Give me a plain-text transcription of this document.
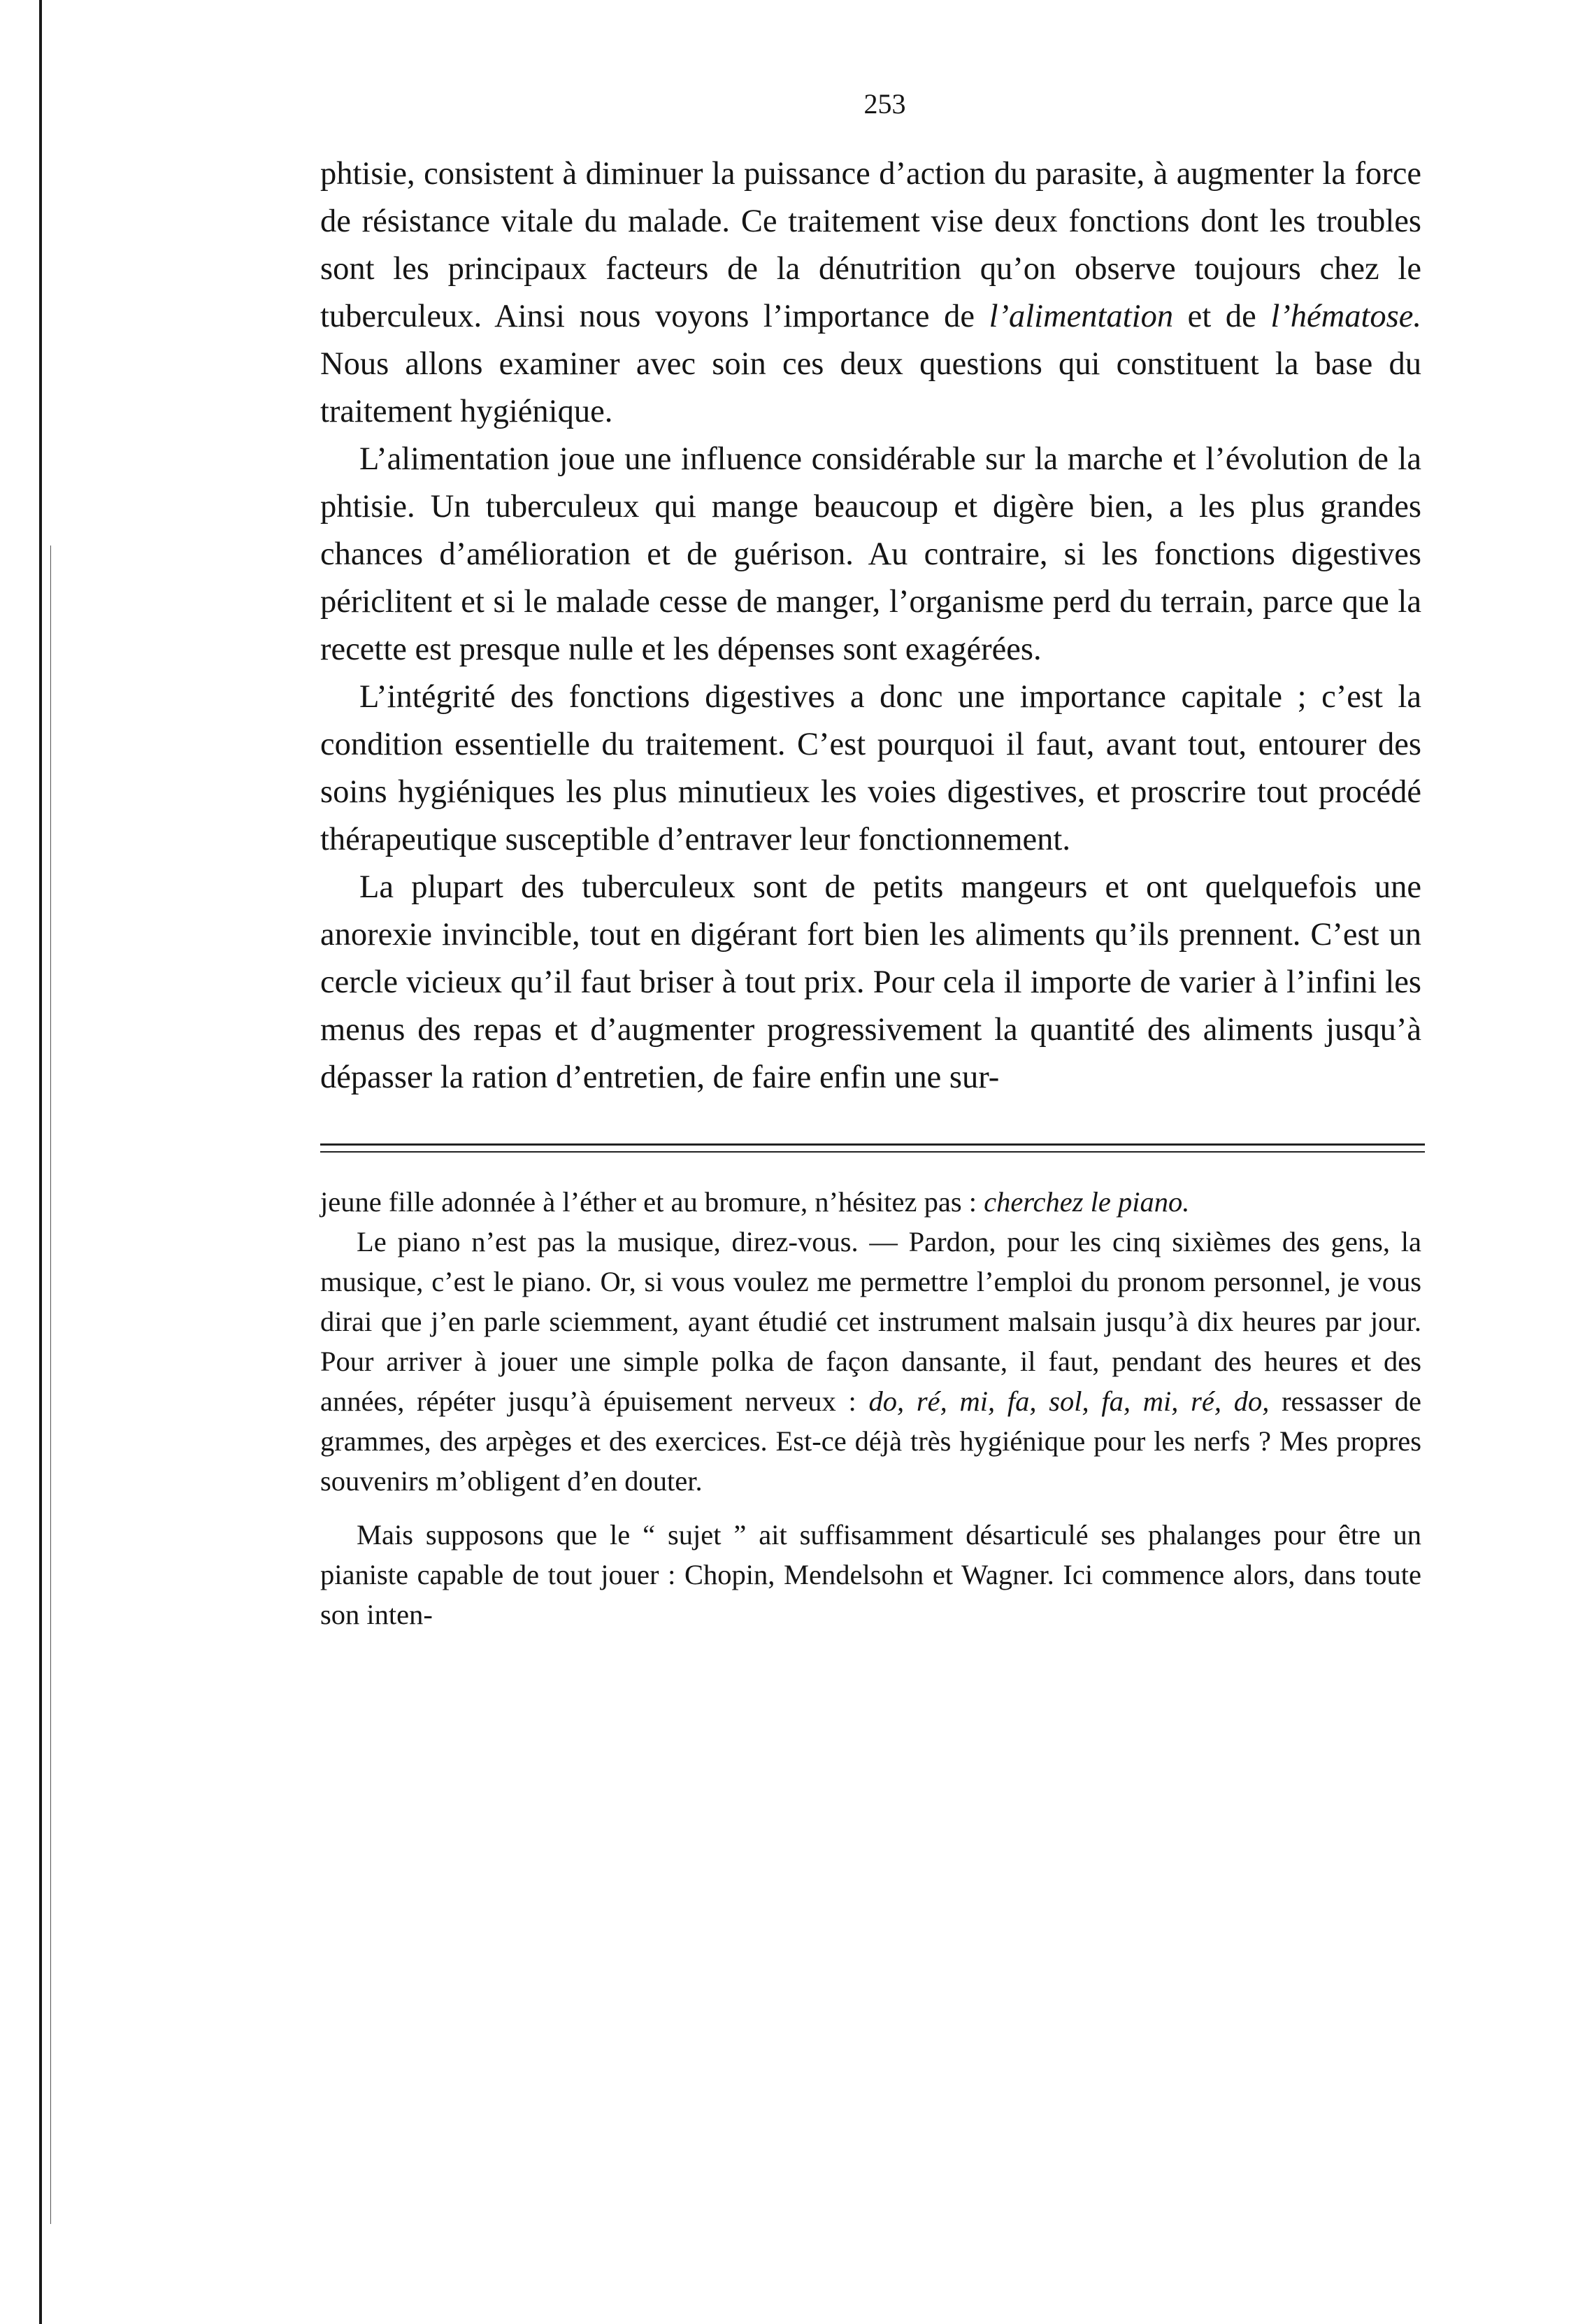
253

phtisie, consistent à diminuer la puissance d’action du parasite, à augmenter la force de résistance vitale du malade. Ce traitement vise deux fonctions dont les troubles sont les principaux facteurs de la dénutrition qu’on observe toujours chez le tuberculeux. Ainsi nous voyons l’importance de l’alimentation et de l’hématose. Nous allons examiner avec soin ces deux questions qui constituent la base du traitement hygiénique.

L’alimentation joue une influence considérable sur la marche et l’évolution de la phtisie. Un tuberculeux qui mange beaucoup et digère bien, a les plus grandes chances d’amélioration et de guérison. Au contraire, si les fonctions digestives périclitent et si le malade cesse de manger, l’organisme perd du terrain, parce que la recette est presque nulle et les dépenses sont exagérées.

L’intégrité des fonctions digestives a donc une importance capitale ; c’est la condition essentielle du traitement. C’est pourquoi il faut, avant tout, entourer des soins hygiéniques les plus minutieux les voies digestives, et proscrire tout procédé thérapeutique susceptible d’entraver leur fonctionnement.

La plupart des tuberculeux sont de petits mangeurs et ont quelquefois une anorexie invincible, tout en digérant fort bien les aliments qu’ils prennent. C’est un cercle vicieux qu’il faut briser à tout prix. Pour cela il importe de varier à l’infini les menus des repas et d’augmenter progressivement la quantité des aliments jusqu’à dépasser la ration d’entretien, de faire enfin une sur-

jeune fille adonnée à l’éther et au bromure, n’hésitez pas : cherchez le piano.

Le piano n’est pas la musique, direz-vous. — Pardon, pour les cinq sixièmes des gens, la musique, c’est le piano. Or, si vous voulez me permettre l’emploi du pronom personnel, je vous dirai que j’en parle sciemment, ayant étudié cet instrument malsain jusqu’à dix heures par jour. Pour arriver à jouer une simple polka de façon dansante, il faut, pendant des heures et des années, répéter jusqu’à épuisement nerveux : do, ré, mi, fa, sol, fa, mi, ré, do, ressasser de grammes, des arpèges et des exercices. Est-ce déjà très hygiénique pour les nerfs ? Mes propres souvenirs m’obligent d’en douter.

Mais supposons que le “ sujet ” ait suffisamment désarticulé ses phalanges pour être un pianiste capable de tout jouer : Chopin, Mendelsohn et Wagner. Ici commence alors, dans toute son inten-
